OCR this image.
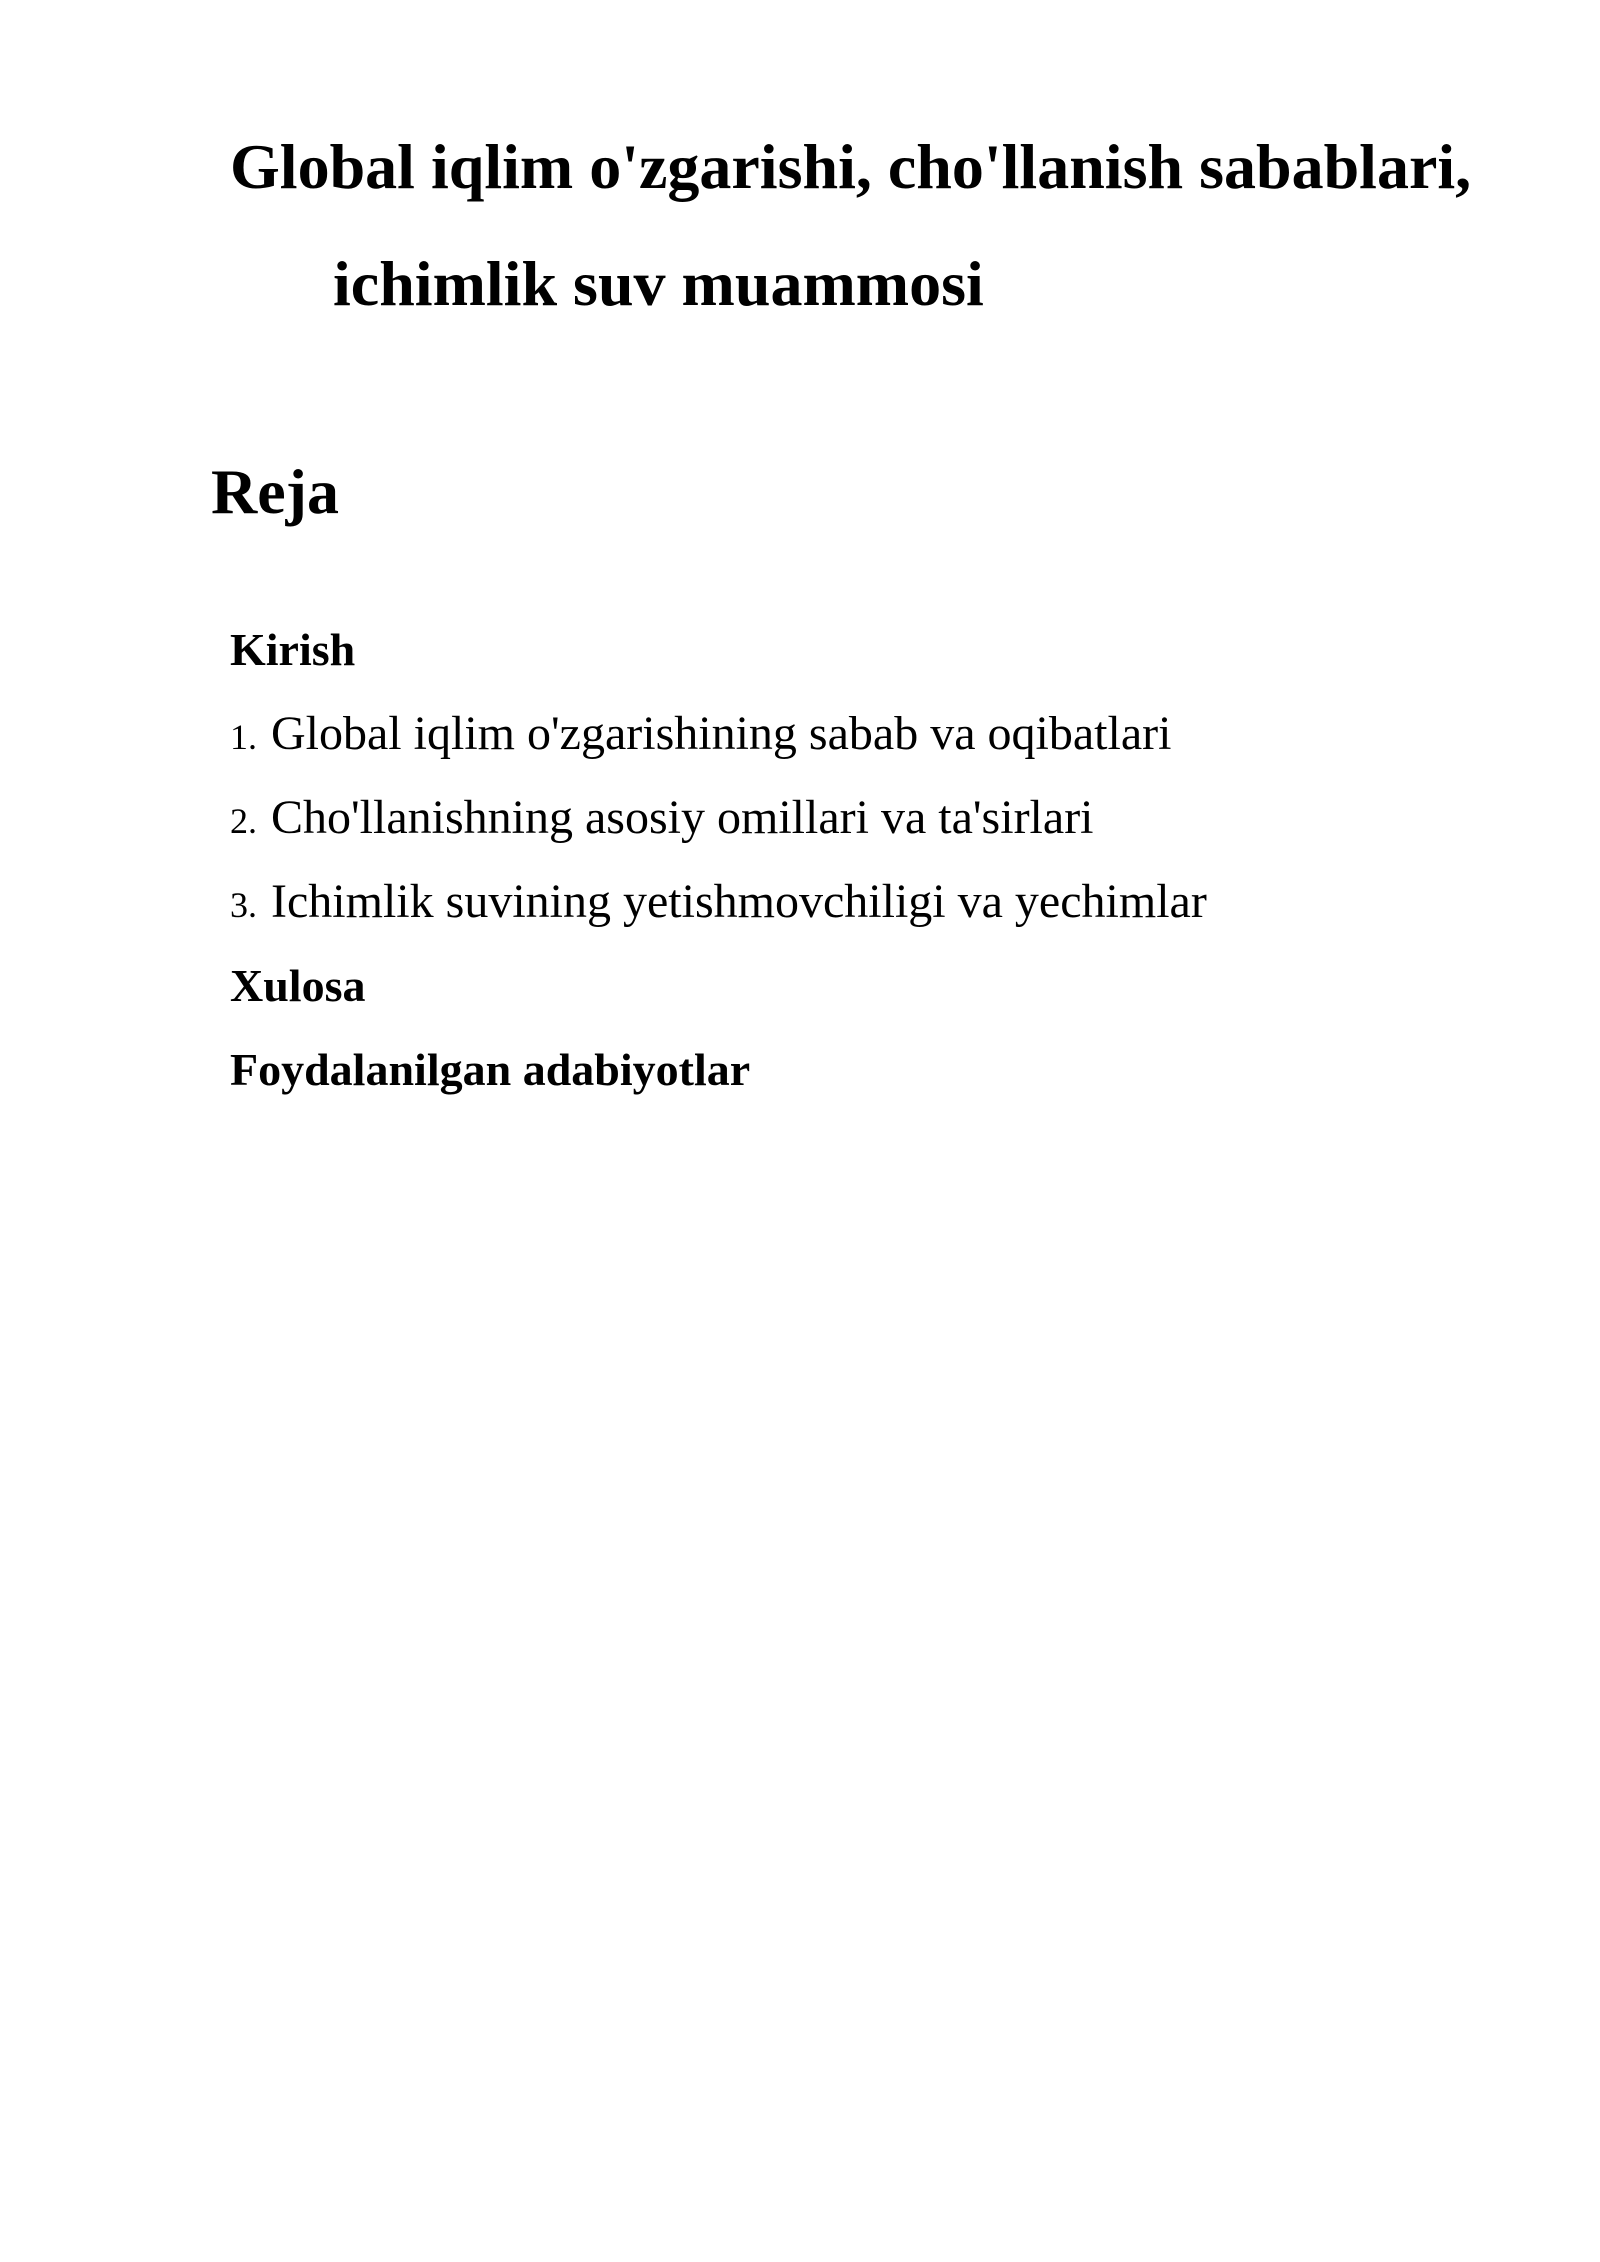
Global iqlim o'zgarishi, cho'llanish sabablari,
ichimlik suv muammosi
Reja
Kirish
1. Global iqlim o'zgarishining sabab va oqibatlari
2. Cho'llanishning asosiy omillari va ta'sirlari
3. Ichimlik suvining yetishmovchiligi va yechimlar
Xulosa
Foydalanilgan adabiyotlar
